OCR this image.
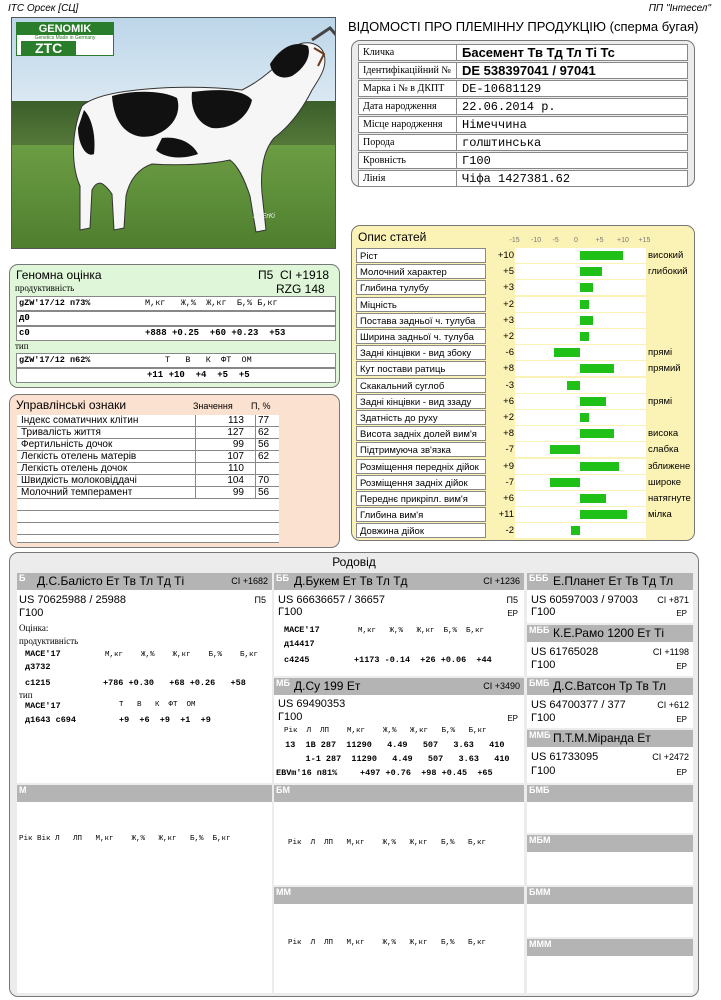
ІТС Орсек [СЦ]	ПП "Інтесел"
ВІДОМОСТІ ПРО ПЛЕМІННУ ПРОДУКЦІЮ (сперма бугая)
GENOMIK
Genetics Made in Germany
ZTC
KoErKi
Кличка	Басемент Тв Тд Тл Ті Тс
Ідентифікаційний № DE 538397041 / 97041
Марка і № в ДКПТ	DE-10681129
Дата народження	22.06.2014 р.
Місце народження	Німеччина
Порода	голштинська
Кровність	Г100
Лінія	Чіфа 1427381.62
Геномна оцінка	П5 CI +1918
RZG 148
продуктивність
gZW'17/12 п73%	М,кг   Ж,%  Ж,кг  Б,% Б,кг
д0
с0	+888 +0.25  +60 +0.23  +53
тип
gZW'17/12 п62%	Т   В   К  ФТ  ОМ
+11 +10  +4  +5  +5
Управлінські ознаки	Значення П, %
Індекс соматичних клітин	113	77
Тривалість життя	127	62
Фертильність дочок	99	56
Легкість отелень матерів	107	62
Легкість отелень дочок	110
Швидкість молоковіддачі	104	70
Молочний темперамент	99	56
Опис статей	-15 -10 -5 0	+5 +10 +15
Ріст	+10	високий
Молочний характер	+5	глибокий
Глибина тулубу	+3
Міцність	+2
Постава задньої ч. тулуба	+3
Ширина задньої ч. тулуба	+2
Задні кінцівки - вид збоку	-6	прямі
Кут постави ратиць	+8	прямий
Скакальний суглоб	-3
Задні кінцівки - вид ззаду	+6	прямі
Здатність до руху	+2
Висота задніх долей вим'я	+8	висока
Підтримуюча зв'язка	-7	слабка
Розміщення передніх дійок	+9	зближене
Розміщення задніх дійок	-7	широке
Переднє прикріпл. вим'я	+6	натягнуте
Глибина вим'я	+11	мілка
Довжина дійок	-2
Родовід
Б Д.С.Балісто Ет Тв Тл Тд Ті	CI +1682
US 70625988 / 25988	П5
Г100
Оцінка:
продуктивність
MACE'17	М,кг    Ж,%    Ж,кг    Б,%    Б,кг
д3732
с1215	+786 +0.30   +68 +0.26   +58
тип
MACE'17	Т   В   К  ФТ  ОМ
д1643 с694	+9  +6  +9  +1  +9
ББ Д.Букем Ет Тв Тл Тд	CI +1236
US 66636657 / 36657	П5
Г100	ЕР
MACE'17	М,кг   Ж,%   Ж,кг  Б,%  Б,кг
д14417
с4245	+1173 -0.14  +26 +0.06  +44
БББ Е.Планет Ет Тв Тд Тл
US 60597003 / 97003 CI +871
Г100	ЕР
МББ К.Е.Рамо 1200 Ет Ті
US 61765028	CI +1198
Г100	ЕР
МБ Д.Су 199 Ет	CI +3490
US 69490353
Г100	ЕР
Рік  Л  ЛП    М,кг    Ж,%   Ж,кг   Б,%   Б,кг
13  1В 287  11290   4.49   507   3.63   410
1-1 287  11290   4.49   507   3.63   410
EBVm'16 п81%	+497 +0.76  +98 +0.45  +65
БМБ Д.С.Ватсон Тр Тв Тл
US 64700377 / 377	CI +612
Г100	ЕР
ММБ П.Т.М.Міранда Ет
US 61733095	CI +2472
Г100	ЕР
М
Рік Вік Л   ЛП   М,кг    Ж,%   Ж,кг   Б,%  Б,кг
БМ
Рік  Л  ЛП   М,кг    Ж,%   Ж,кг   Б,%   Б,кг
ММ
Рік  Л  ЛП   М,кг    Ж,%   Ж,кг   Б,%   Б,кг
БМБ
МБМ
БММ
МММ
